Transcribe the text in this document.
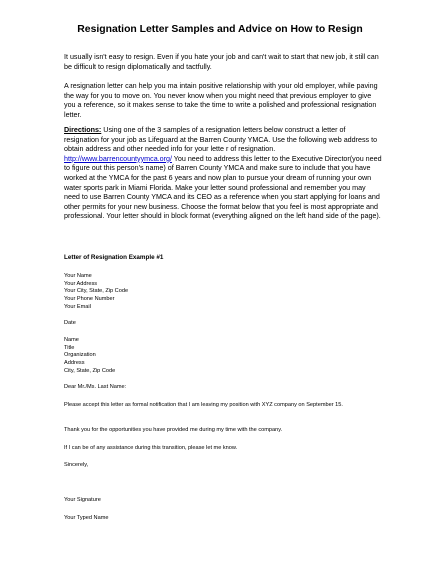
Resignation Letter Samples and Advice on How to Resign
It usually isn't easy to resign. Even if you hate your job and can't wait to start that new job, it still can be difficult to resign diplomatically and tactfully.
A resignation letter can help you ma intain positive relationship with your old employer, while paving the way for you to move on. You never know when you might need that previous employer to give you a reference, so it makes sense to take the time to write a polished and professional resignation letter.
Directions: Using one of the 3 samples of a resignation letters below construct a letter of resignation for your job as Lifeguard at the Barren County YMCA. Use the following web address to obtain address and other needed info for your lette r of resignation. http://www.barrencountyymca.org/ You need to address this letter to the Executive Director(you need to figure out this person's name) of Barren County YMCA and make sure to include that you have worked at the YMCA for the past 6 years and now plan to pursue your dream of running your own water sports park in Miami Florida. Make your letter sound professional and remember you may need to use Barren County YMCA and its CEO as a reference when you start applying for loans and other permits for your new business. Choose the format below that you feel is most appropriate and professional. Your letter should in block format (everything aligned on the left hand side of the page).
Letter of Resignation Example #1
Your Name
Your Address
Your City, State, Zip Code
Your Phone Number
Your Email
Date
Name
Title
Organization
Address
City, State, Zip Code
Dear Mr./Ms. Last Name:
Please accept this letter as formal notification that I am leaving my position with XYZ company on September 15.
Thank you for the opportunities you have provided me during my time with the company.
If I can be of any assistance during this transition, please let me know.
Sincerely,
Your Signature
Your Typed Name
